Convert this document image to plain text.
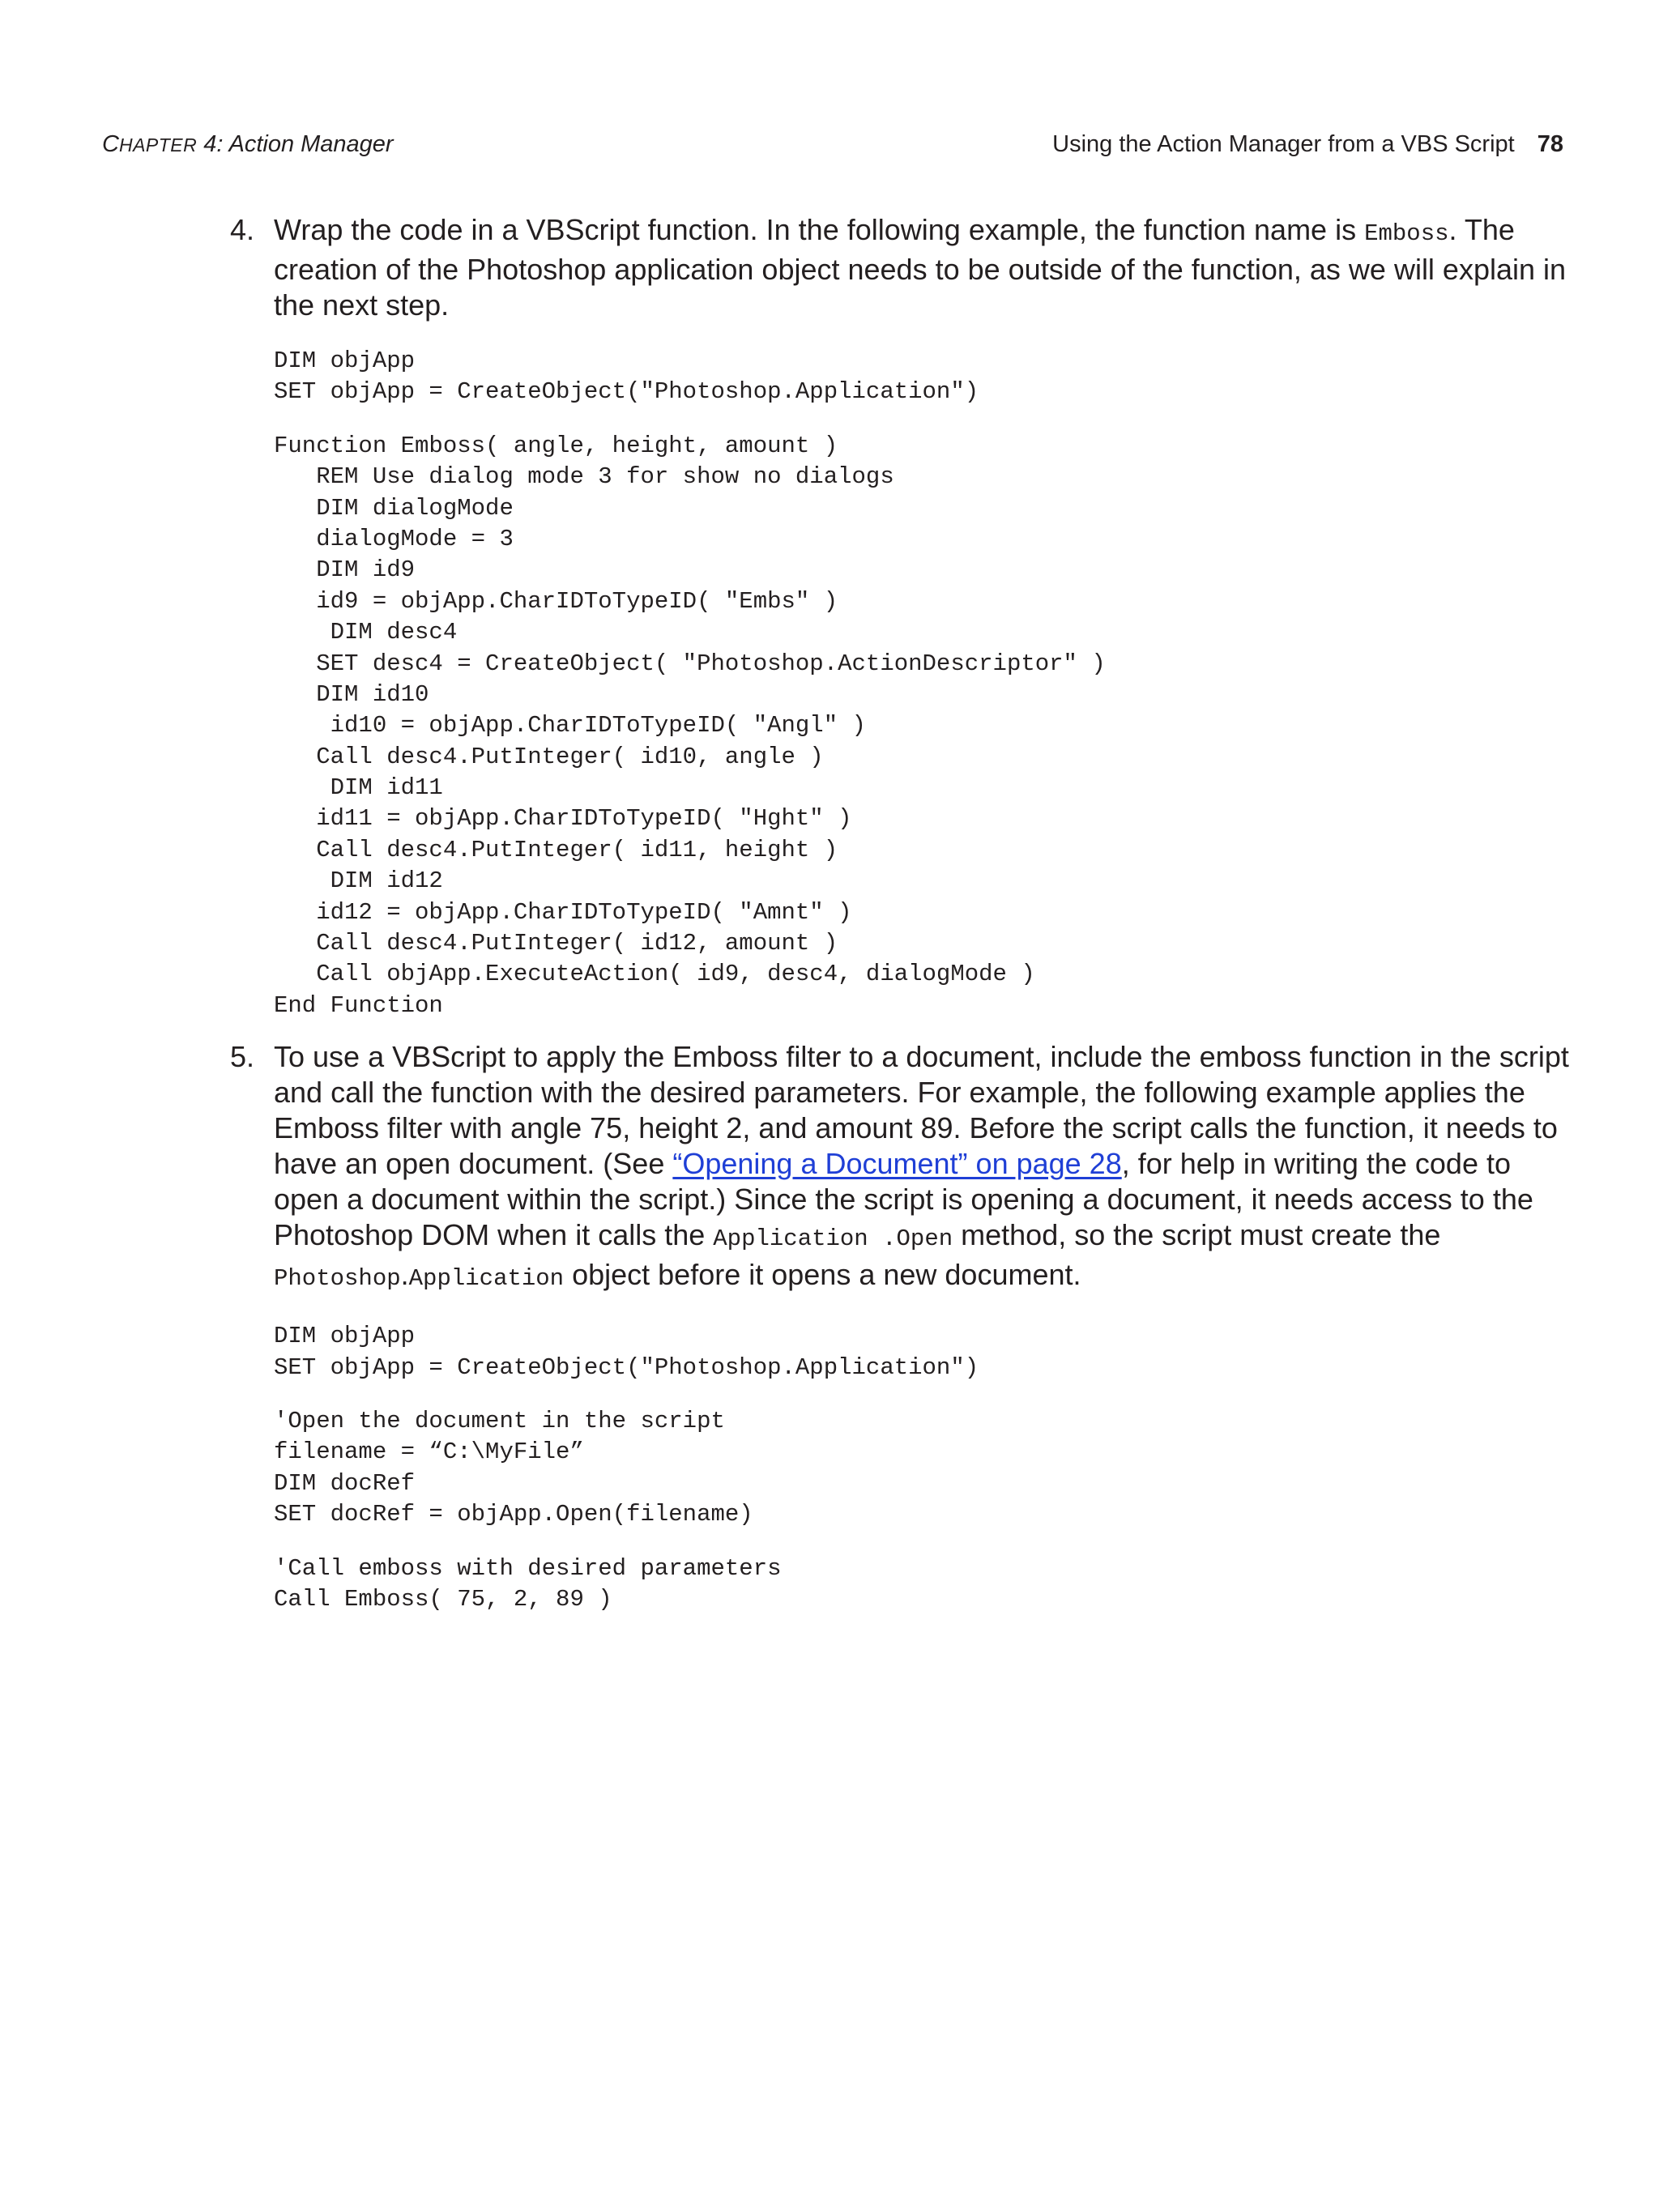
CHAPTER 4: Action Manager	Using the Action Manager from a VBS Script 78
4. Wrap the code in a VBScript function. In the following example, the function name is Emboss. The creation of the Photoshop application object needs to be outside of the function, as we will explain in the next step.

DIM objApp
SET objApp = CreateObject("Photoshop.Application")
Function Emboss( angle, height, amount )
REM Use dialog mode 3 for show no dialogs
DIM dialogMode
dialogMode = 3
DIM id9
id9 = objApp.CharIDToTypeID( "Embs" )
DIM desc4
SET desc4 = CreateObject( "Photoshop.ActionDescriptor" )
DIM id10
id10 = objApp.CharIDToTypeID( "Angl" )
Call desc4.PutInteger( id10, angle )
DIM id11
id11 = objApp.CharIDToTypeID( "Hght" )
Call desc4.PutInteger( id11, height )
DIM id12
id12 = objApp.CharIDToTypeID( "Amnt" )
Call desc4.PutInteger( id12, amount )
Call objApp.ExecuteAction( id9, desc4, dialogMode )
End Function
5. To use a VBScript to apply the Emboss filter to a document, include the emboss function in the script and call the function with the desired parameters. For example, the following example applies the Emboss filter with angle 75, height 2, and amount 89. Before the script calls the function, it needs to have an open document. (See “Opening a Document” on page 28, for help in writing the code to open a document within the script.) Since the script is opening a document, it needs access to the Photoshop DOM when it calls the Application .Open method, so the script must create the Photoshop.Application object before it opens a new document.

DIM objApp
SET objApp = CreateObject("Photoshop.Application")
'Open the document in the script
filename = “C:\MyFile”
DIM docRef
SET docRef = objApp.Open(filename)
'Call emboss with desired parameters
Call Emboss( 75, 2, 89 )
